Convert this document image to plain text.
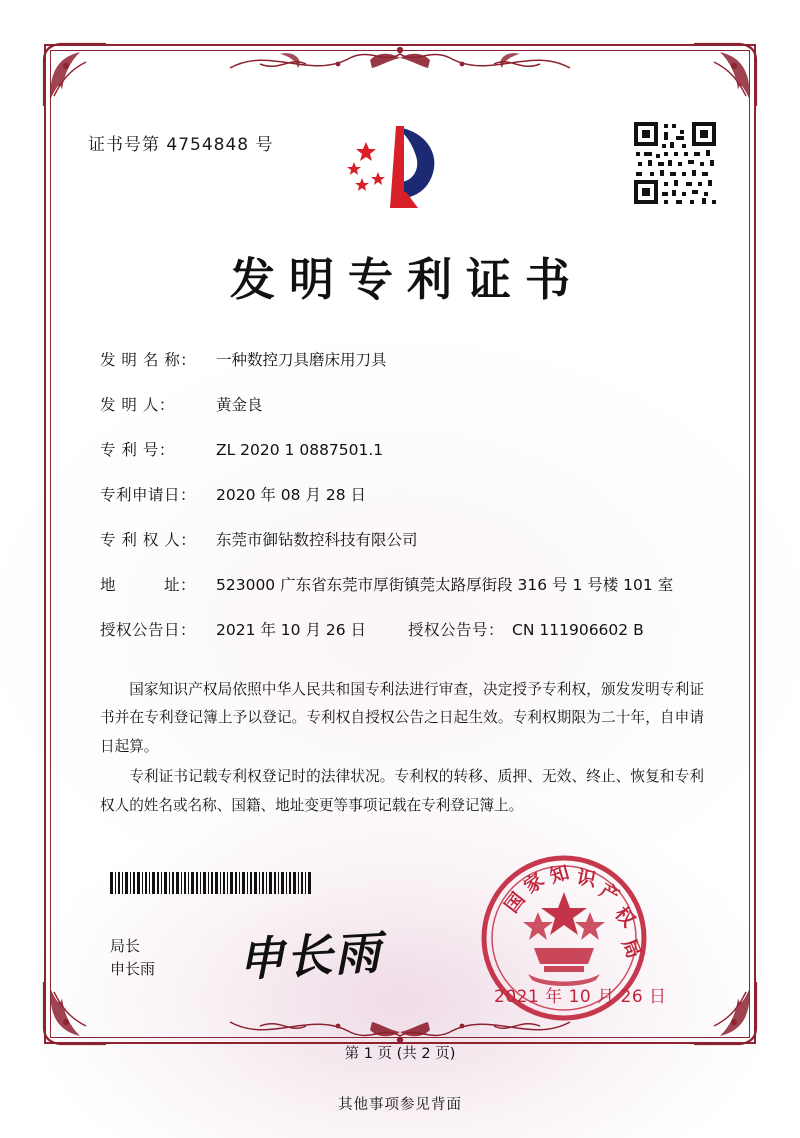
证书号第 4754848 号
发明专利证书
发 明 名 称：	一种数控刀具磨床用刀具
发 明 人：	黄金良
专 利 号：	ZL 2020 1 0887501.1
专利申请日：	2020 年 08 月 28 日
专 利 权 人：	东莞市御钻数控科技有限公司
地　　　址：	523000 广东省东莞市厚街镇莞太路厚街段 316 号 1 号楼 101 室
授权公告日：	2021 年 10 月 26 日	授权公告号： CN 111906602 B

国家知识产权局依照中华人民共和国专利法进行审查，决定授予专利权，颁发发明专利证书并在专利登记簿上予以登记。专利权自授权公告之日起生效。专利权期限为二十年，自申请日起算。

专利证书记载专利权登记时的法律状况。专利权的转移、质押、无效、终止、恢复和专利权人的姓名或名称、国籍、地址变更等事项记载在专利登记簿上。

局长
申长雨 申长雨
国
家
知 识
产
权
局
2021 年 10 月 26 日
第 1 页 (共 2 页)
其他事项参见背面
